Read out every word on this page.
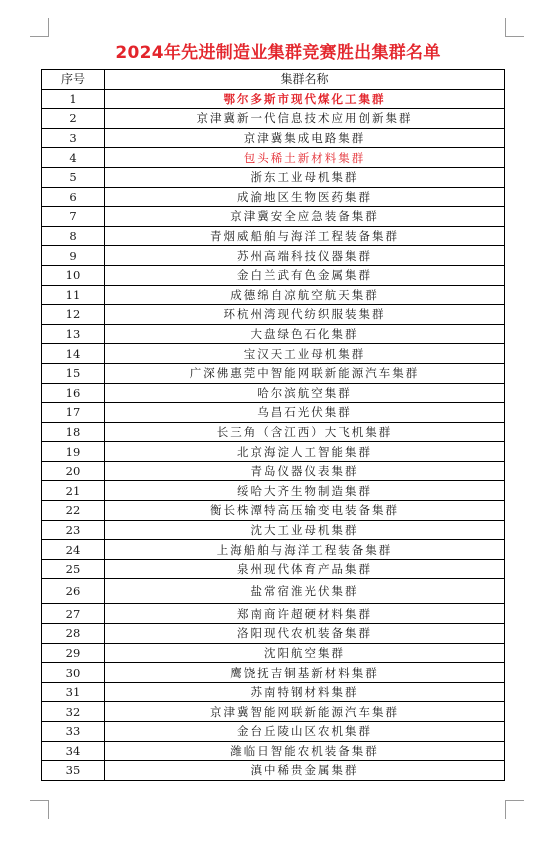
2024年先进制造业集群竞赛胜出集群名单
序号	集群名称
1	鄂尔多斯市现代煤化工集群
2	京津冀新一代信息技术应用创新集群
3	京津冀集成电路集群
4	包头稀土新材料集群
5	浙东工业母机集群
6	成渝地区生物医药集群
7	京津冀安全应急装备集群
8	青烟威船舶与海洋工程装备集群
9	苏州高端科技仪器集群
10	金白兰武有色金属集群
11	成德绵自凉航空航天集群
12	环杭州湾现代纺织服装集群
13	大盘绿色石化集群
14	宝汉天工业母机集群
15	广深佛惠莞中智能网联新能源汽车集群
16	哈尔滨航空集群
17	乌昌石光伏集群
18	长三角（含江西）大飞机集群
19	北京海淀人工智能集群
20	青岛仪器仪表集群
21	绥哈大齐生物制造集群
22	衡长株潭特高压输变电装备集群
23	沈大工业母机集群
24	上海船舶与海洋工程装备集群
25	泉州现代体育产品集群
26	盐常宿淮光伏集群
27	郑南商许超硬材料集群
28	洛阳现代农机装备集群
29	沈阳航空集群
30	鹰饶抚吉铜基新材料集群
31	苏南特钢材料集群
32	京津冀智能网联新能源汽车集群
33	金台丘陵山区农机集群
34	潍临日智能农机装备集群
35	滇中稀贵金属集群
